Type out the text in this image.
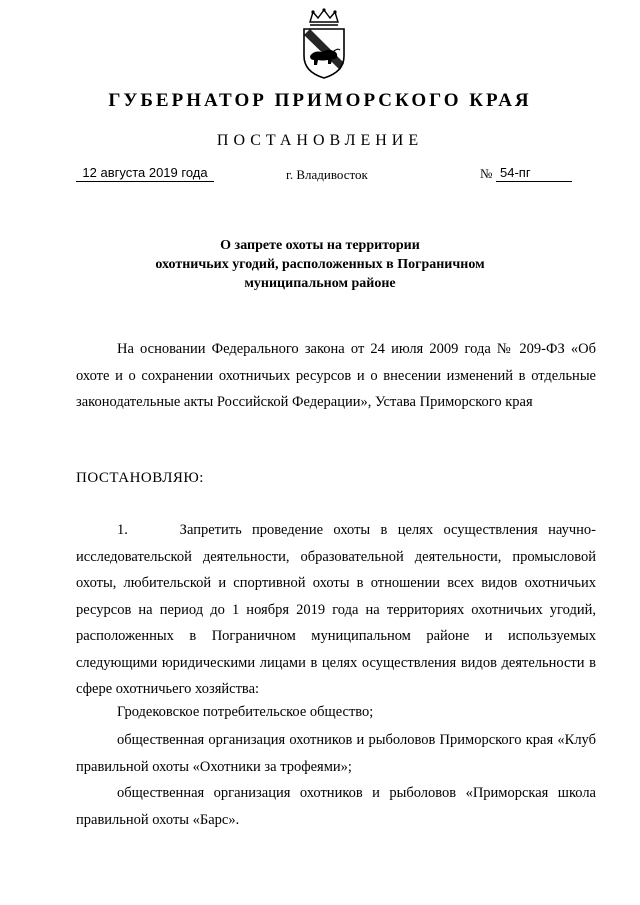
ГУБЕРНАТОР ПРИМОРСКОГО КРАЯ
ПОСТАНОВЛЕНИЕ
12 августа 2019 года	г. Владивосток	№ 54-пг
О запрете охоты на территории
охотничьих угодий, расположенных в Пограничном
муниципальном районе
На основании Федерального закона от 24 июля 2009 года № 209-ФЗ «Об охоте и о сохранении охотничьих ресурсов и о внесении изменений в отдельные законодательные акты Российской Федерации», Устава Приморского края
ПОСТАНОВЛЯЮ:
1.     Запретить проведение охоты в целях осуществления научно-исследовательской деятельности, образовательной деятельности, промысловой охоты, любительской и спортивной охоты в отношении всех видов охотничьих ресурсов на период до 1 ноября 2019 года на территориях охотничьих угодий, расположенных в Пограничном муниципальном районе и используемых следующими юридическими лицами в целях осуществления видов деятельности в сфере охотничьего хозяйства:
Гродековское потребительское общество;
общественная организация охотников и рыболовов Приморского края «Клуб правильной охоты «Охотники за трофеями»;
общественная организация охотников и рыболовов «Приморская школа правильной охоты «Барс».
